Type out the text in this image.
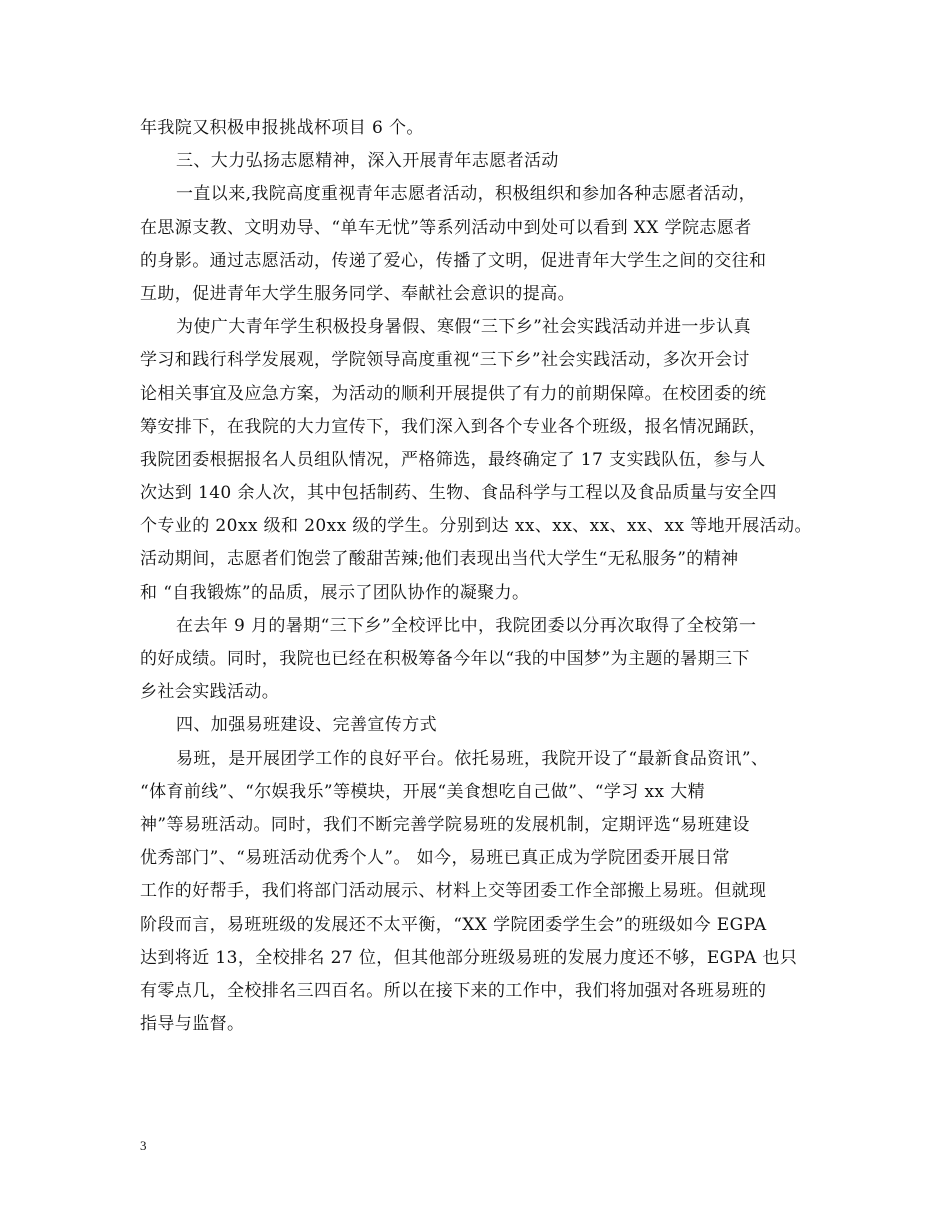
年我院又积极申报挑战杯项目 6 个。
三、大力弘扬志愿精神，深入开展青年志愿者活动
一直以来,我院高度重视青年志愿者活动，积极组织和参加各种志愿者活动，
在思源支教、文明劝导、“单车无忧”等系列活动中到处可以看到 XX 学院志愿者
的身影。通过志愿活动，传递了爱心，传播了文明，促进青年大学生之间的交往和
互助，促进青年大学生服务同学、奉献社会意识的提高。
为使广大青年学生积极投身暑假、寒假“三下乡”社会实践活动并进一步认真
学习和践行科学发展观，学院领导高度重视“三下乡”社会实践活动，多次开会讨
论相关事宜及应急方案，为活动的顺利开展提供了有力的前期保障。在校团委的统
筹安排下，在我院的大力宣传下，我们深入到各个专业各个班级，报名情况踊跃，
我院团委根据报名人员组队情况，严格筛选，最终确定了 17 支实践队伍，参与人
次达到 140 余人次，其中包括制药、生物、食品科学与工程以及食品质量与安全四
个专业的 20xx 级和 20xx 级的学生。分别到达 xx、xx、xx、xx、xx 等地开展活动。
活动期间，志愿者们饱尝了酸甜苦辣;他们表现出当代大学生“无私服务”的精神
和 “自我锻炼”的品质，展示了团队协作的凝聚力。
在去年 9 月的暑期“三下乡”全校评比中，我院团委以分再次取得了全校第一
的好成绩。同时，我院也已经在积极筹备今年以“我的中国梦”为主题的暑期三下
乡社会实践活动。
四、加强易班建设、完善宣传方式
易班，是开展团学工作的良好平台。依托易班，我院开设了“最新食品资讯”、
“体育前线”、“尔娱我乐”等模块，开展“美食想吃自己做”、“学习 xx 大精
神”等易班活动。同时，我们不断完善学院易班的发展机制，定期评选“易班建设
优秀部门”、“易班活动优秀个人”。 如今，易班已真正成为学院团委开展日常
工作的好帮手，我们将部门活动展示、材料上交等团委工作全部搬上易班。但就现
阶段而言，易班班级的发展还不太平衡，“XX 学院团委学生会”的班级如今 EGPA
达到将近 13，全校排名 27 位，但其他部分班级易班的发展力度还不够，EGPA 也只
有零点几，全校排名三四百名。所以在接下来的工作中，我们将加强对各班易班的
指导与监督。
3
